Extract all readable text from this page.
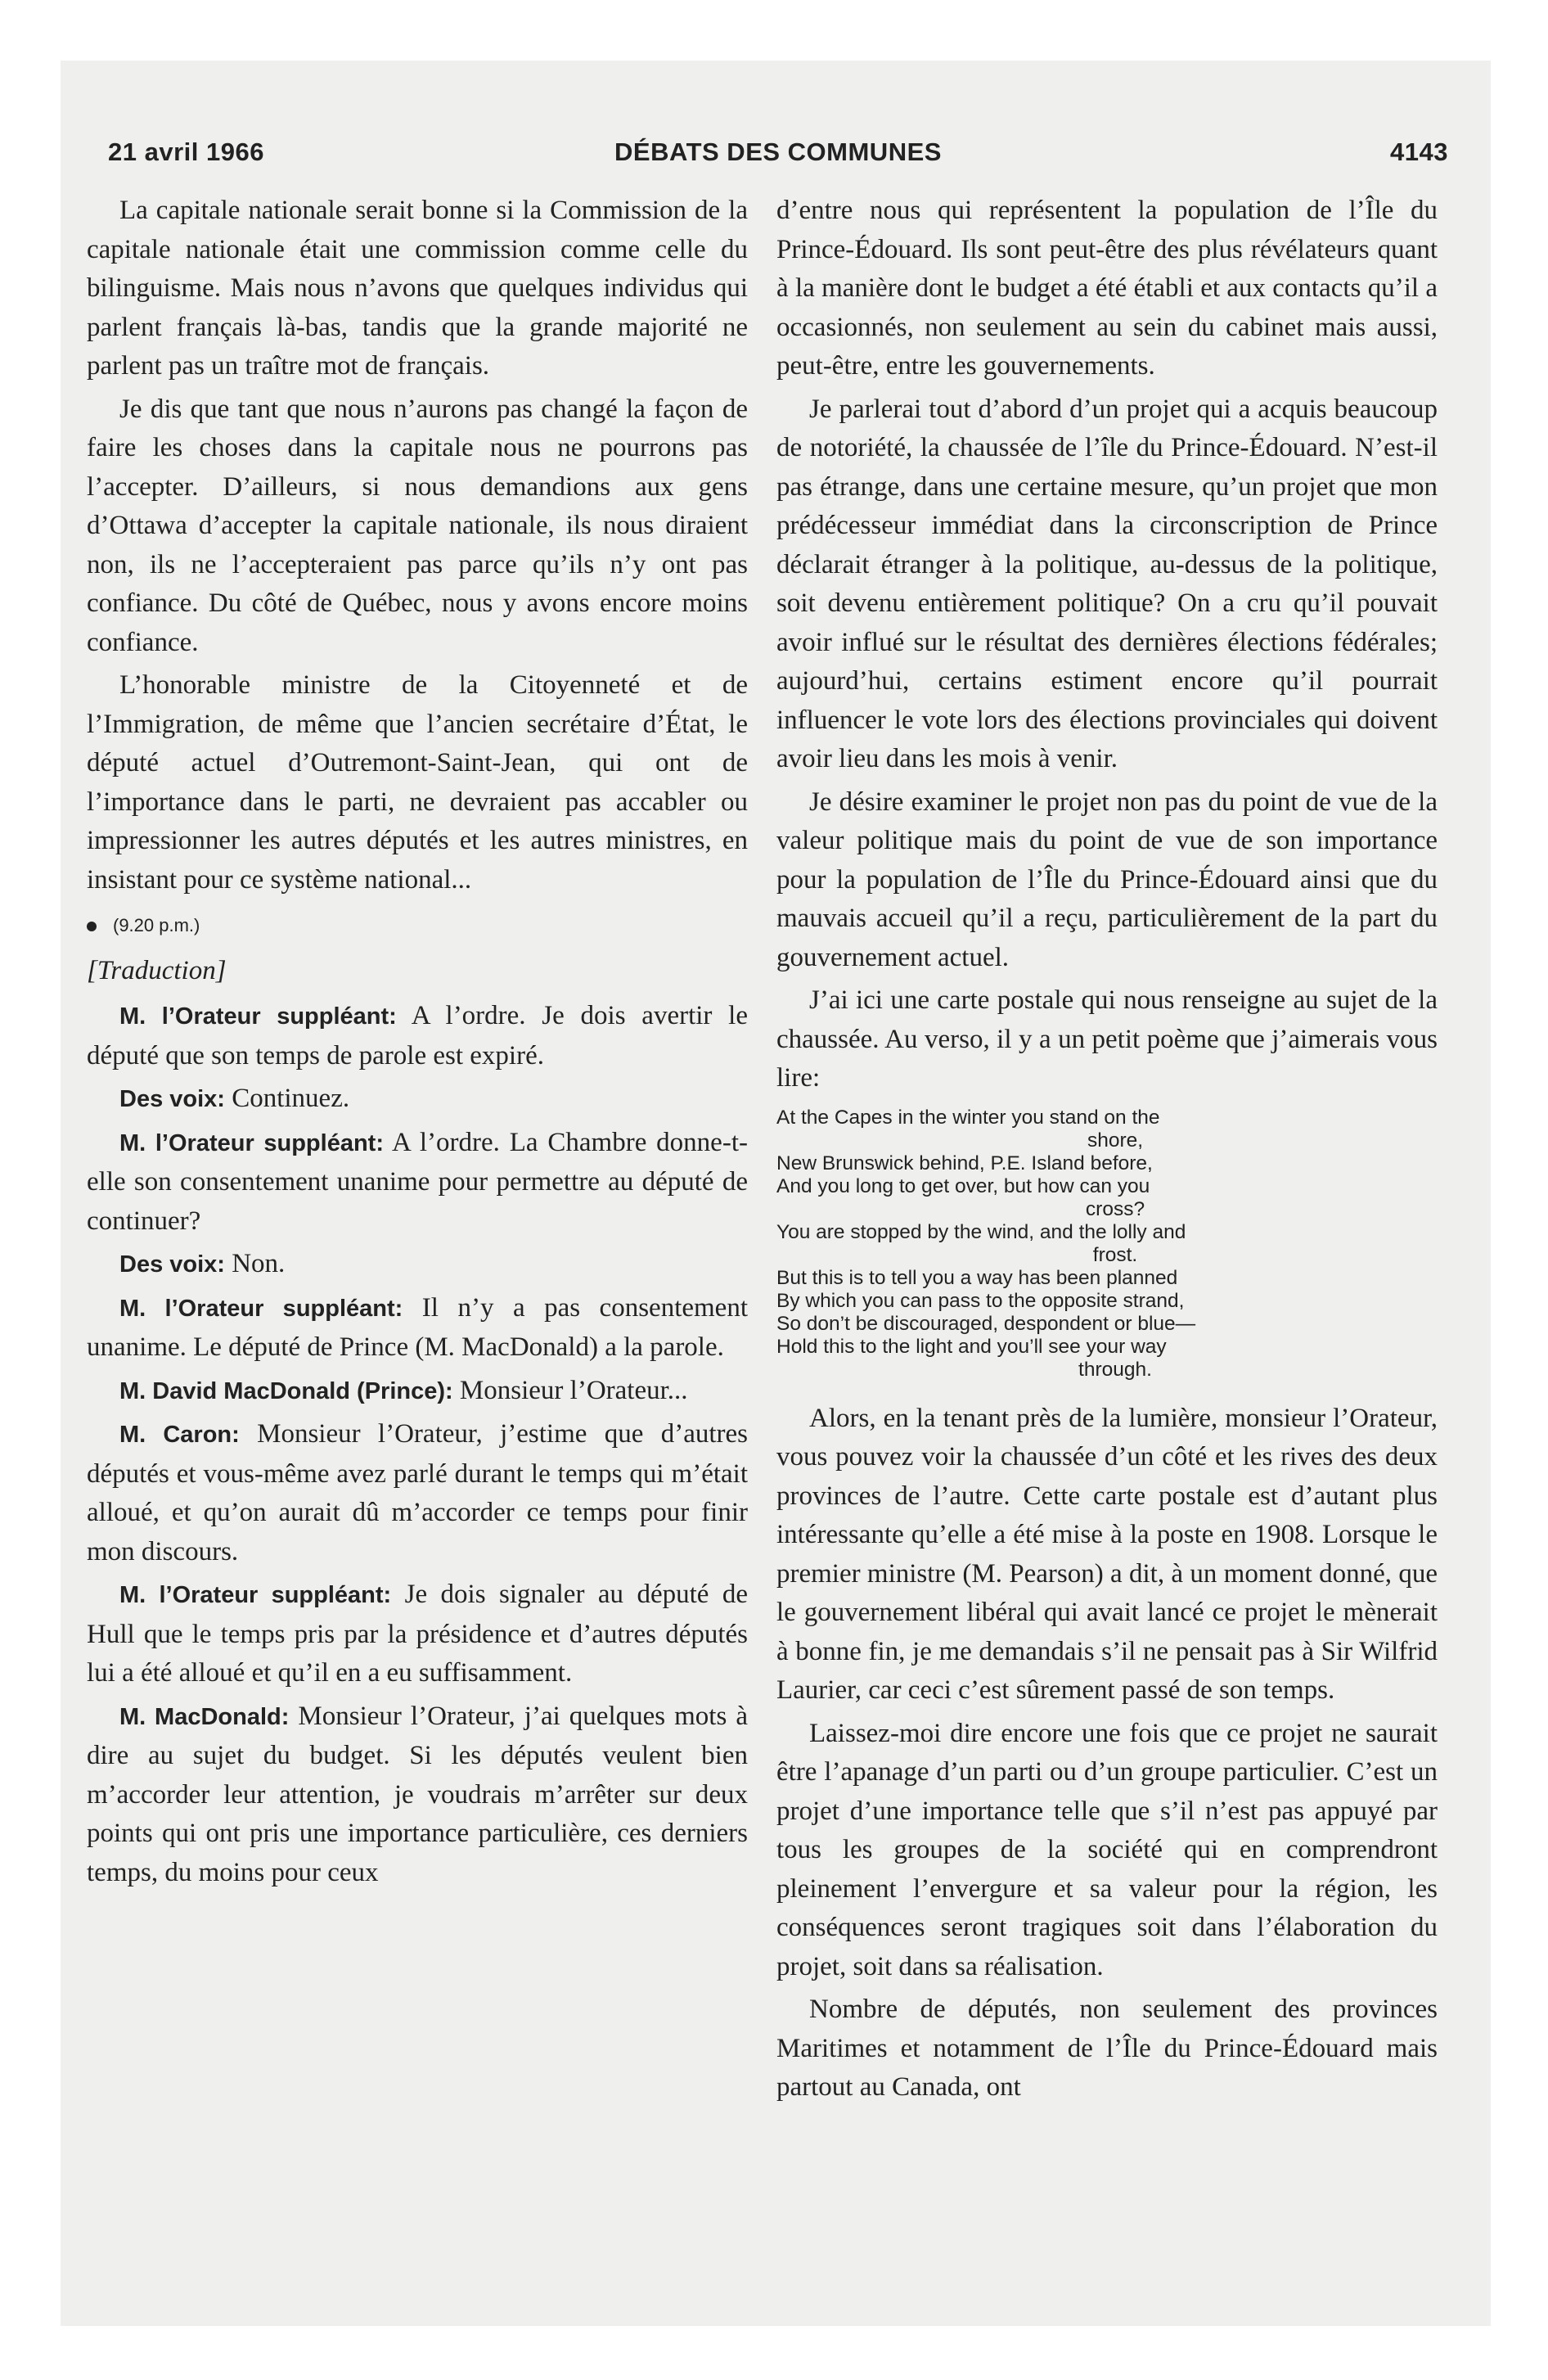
21 avril 1966	DÉBATS DES COMMUNES	4143

La capitale nationale serait bonne si la Commission de la capitale nationale était une commission comme celle du bilinguisme. Mais nous n’avons que quelques individus qui parlent français là-bas, tandis que la grande majorité ne parlent pas un traître mot de français.

Je dis que tant que nous n’aurons pas changé la façon de faire les choses dans la capitale nous ne pourrons pas l’accepter. D’ailleurs, si nous demandions aux gens d’Ottawa d’accepter la capitale nationale, ils nous diraient non, ils ne l’accepteraient pas parce qu’ils n’y ont pas confiance. Du côté de Québec, nous y avons encore moins confiance.

L’honorable ministre de la Citoyenneté et de l’Immigration, de même que l’ancien secrétaire d’État, le député actuel d’Outremont-Saint-Jean, qui ont de l’importance dans le parti, ne devraient pas accabler ou impressionner les autres députés et les autres ministres, en insistant pour ce système national...

(9.20 p.m.)
[Traduction]

M. l’Orateur suppléant: A l’ordre. Je dois avertir le député que son temps de parole est expiré.

Des voix: Continuez.

M. l’Orateur suppléant: A l’ordre. La Chambre donne-t-elle son consentement unanime pour permettre au député de continuer?

Des voix: Non.

M. l’Orateur suppléant: Il n’y a pas consentement unanime. Le député de Prince (M. MacDonald) a la parole.

M. David MacDonald (Prince): Monsieur l’Orateur...

M. Caron: Monsieur l’Orateur, j’estime que d’autres députés et vous-même avez parlé durant le temps qui m’était alloué, et qu’on aurait dû m’accorder ce temps pour finir mon discours.

M. l’Orateur suppléant: Je dois signaler au député de Hull que le temps pris par la présidence et d’autres députés lui a été alloué et qu’il en a eu suffisamment.

M. MacDonald: Monsieur l’Orateur, j’ai quelques mots à dire au sujet du budget. Si les députés veulent bien m’accorder leur attention, je voudrais m’arrêter sur deux points qui ont pris une importance particulière, ces derniers temps, du moins pour ceux

d’entre nous qui représentent la population de l’Île du Prince-Édouard. Ils sont peut-être des plus révélateurs quant à la manière dont le budget a été établi et aux contacts qu’il a occasionnés, non seulement au sein du cabinet mais aussi, peut-être, entre les gouvernements.

Je parlerai tout d’abord d’un projet qui a acquis beaucoup de notoriété, la chaussée de l’île du Prince-Édouard. N’est-il pas étrange, dans une certaine mesure, qu’un projet que mon prédécesseur immédiat dans la circonscription de Prince déclarait étranger à la politique, au-dessus de la politique, soit devenu entièrement politique? On a cru qu’il pouvait avoir influé sur le résultat des dernières élections fédérales; aujourd’hui, certains estiment encore qu’il pourrait influencer le vote lors des élections provinciales qui doivent avoir lieu dans les mois à venir.

Je désire examiner le projet non pas du point de vue de la valeur politique mais du point de vue de son importance pour la population de l’Île du Prince-Édouard ainsi que du mauvais accueil qu’il a reçu, particulièrement de la part du gouvernement actuel.

J’ai ici une carte postale qui nous renseigne au sujet de la chaussée. Au verso, il y a un petit poème que j’aimerais vous lire:

At the Capes in the winter you stand on the
shore,
New Brunswick behind, P.E. Island before,
And you long to get over, but how can you
cross?
You are stopped by the wind, and the lolly and
frost.
But this is to tell you a way has been planned
By which you can pass to the opposite strand,
So don’t be discouraged, despondent or blue—
Hold this to the light and you’ll see your way
through.

Alors, en la tenant près de la lumière, monsieur l’Orateur, vous pouvez voir la chaussée d’un côté et les rives des deux provinces de l’autre. Cette carte postale est d’autant plus intéressante qu’elle a été mise à la poste en 1908. Lorsque le premier ministre (M. Pearson) a dit, à un moment donné, que le gouvernement libéral qui avait lancé ce projet le mènerait à bonne fin, je me demandais s’il ne pensait pas à Sir Wilfrid Laurier, car ceci c’est sûrement passé de son temps.

Laissez-moi dire encore une fois que ce projet ne saurait être l’apanage d’un parti ou d’un groupe particulier. C’est un projet d’une importance telle que s’il n’est pas appuyé par tous les groupes de la société qui en comprendront pleinement l’envergure et sa valeur pour la région, les conséquences seront tragiques soit dans l’élaboration du projet, soit dans sa réalisation.

Nombre de députés, non seulement des provinces Maritimes et notamment de l’Île du Prince-Édouard mais partout au Canada, ont
